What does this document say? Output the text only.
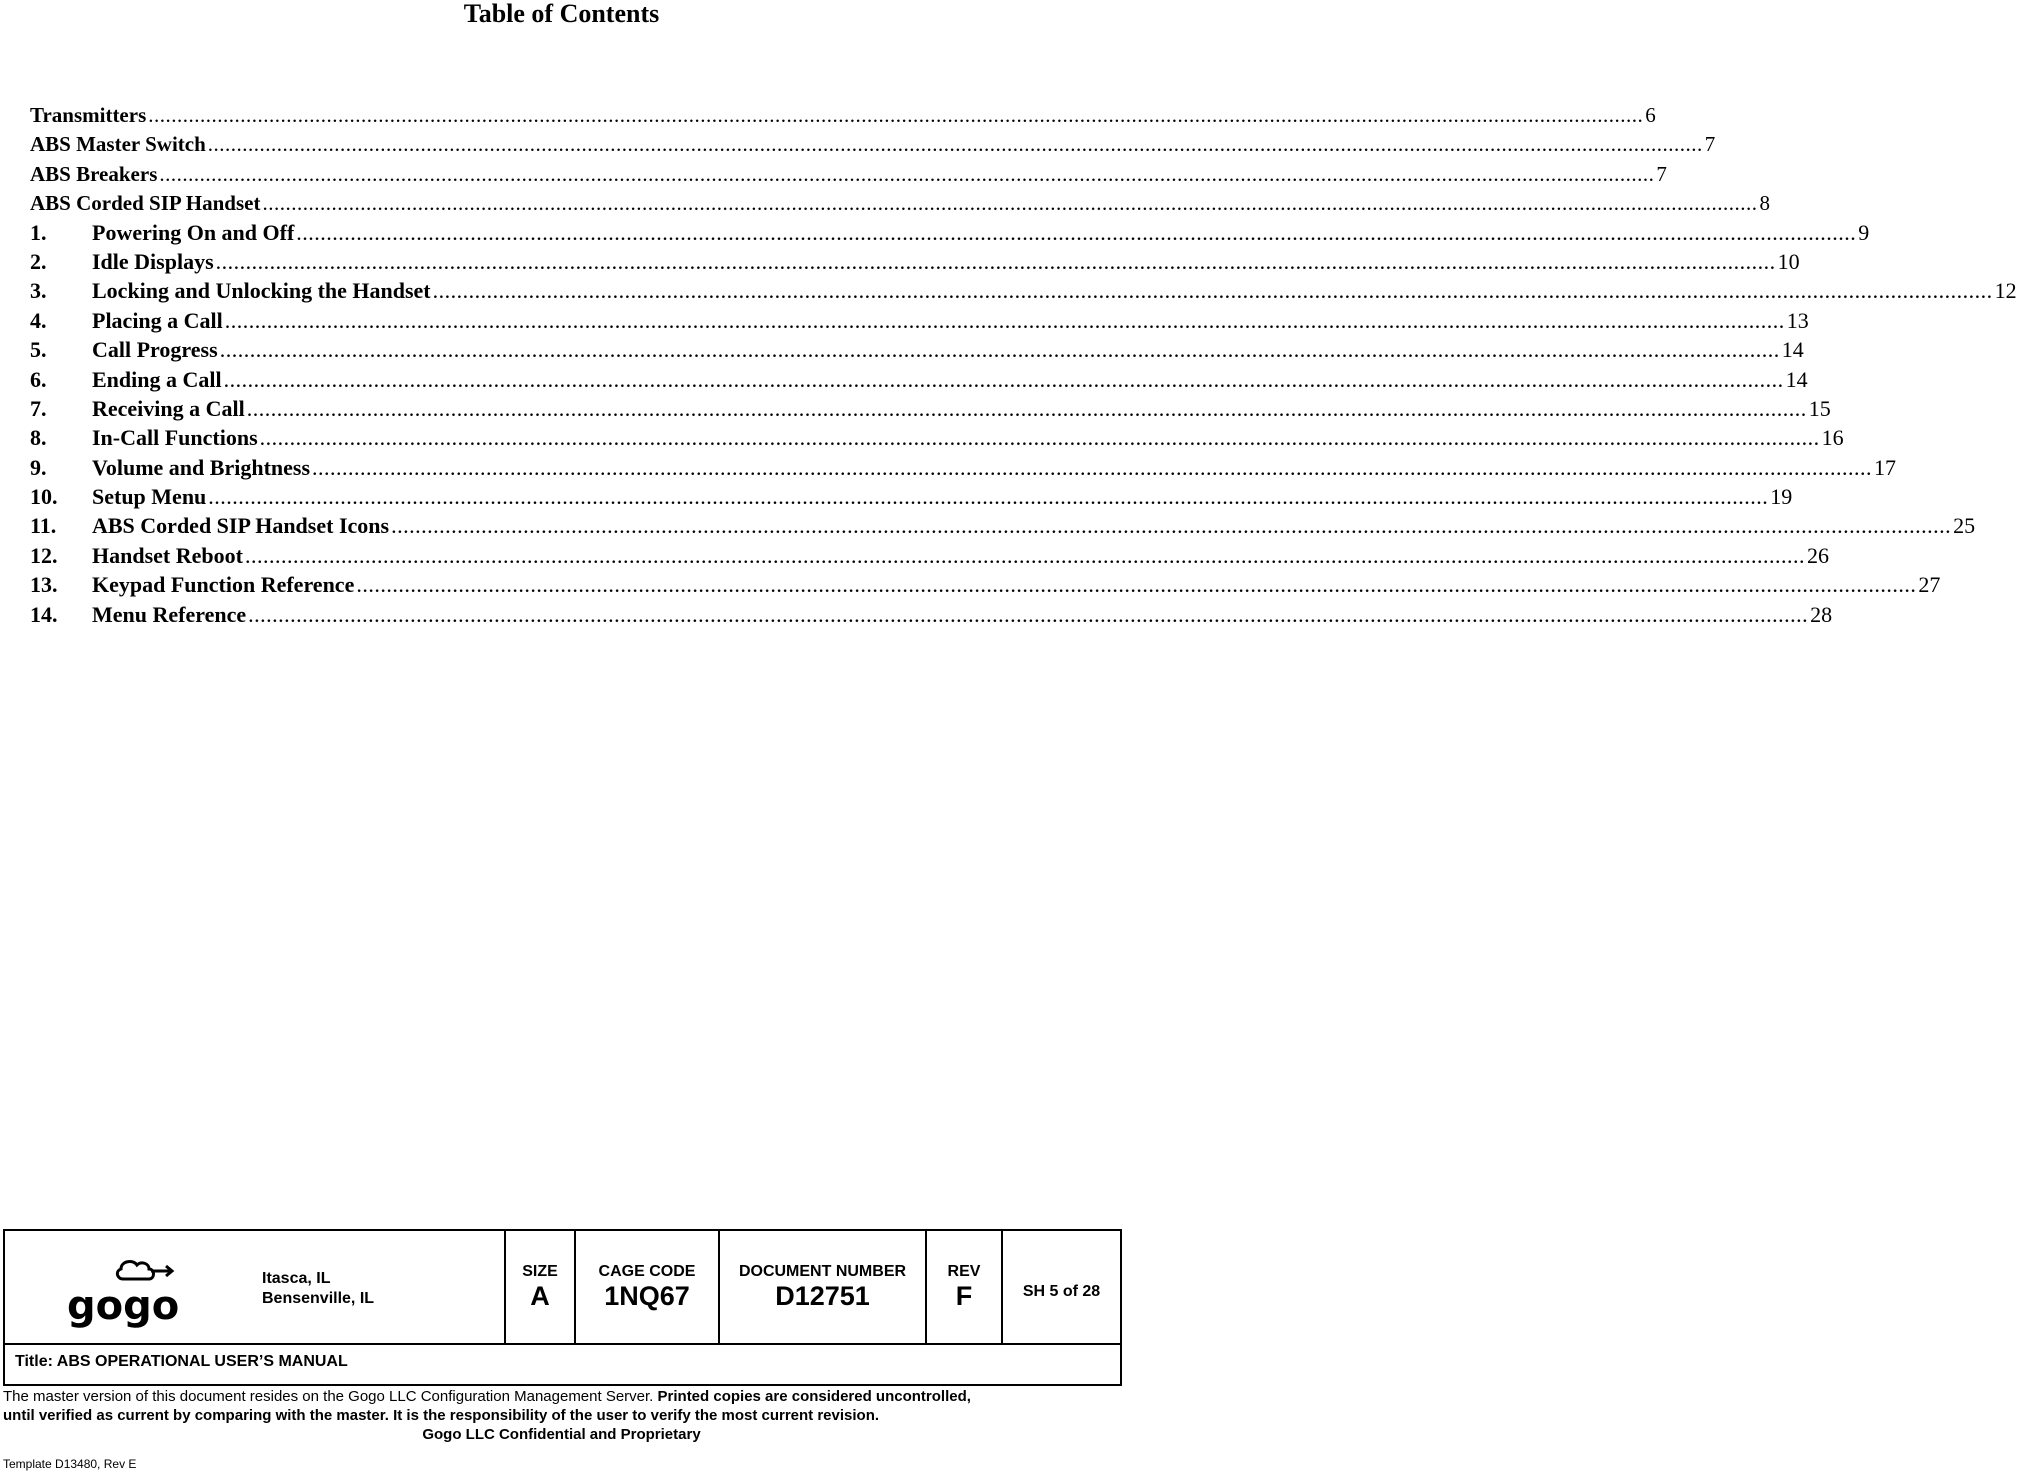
Table of Contents
Transmitters .................................................................................................................................................................................................................................................................... 6
ABS Master Switch .................................................................................................................................................................................................................................................................... 7
ABS Breakers .................................................................................................................................................................................................................................................................... 7
ABS Corded SIP Handset .................................................................................................................................................................................................................................................................... 8
1.	Powering On and Off .................................................................................................................................................................................................................................................................... 9
2.	Idle Displays .................................................................................................................................................................................................................................................................... 10
3.	Locking and Unlocking the Handset .................................................................................................................................................................................................................................................................... 12
4.	Placing a Call .................................................................................................................................................................................................................................................................... 13
5.	Call Progress .................................................................................................................................................................................................................................................................... 14
6.	Ending a Call .................................................................................................................................................................................................................................................................... 14
7.	Receiving a Call .................................................................................................................................................................................................................................................................... 15
8.	In-Call Functions .................................................................................................................................................................................................................................................................... 16
9.	Volume and Brightness .................................................................................................................................................................................................................................................................... 17
10.	Setup Menu .................................................................................................................................................................................................................................................................... 19
11.	ABS Corded SIP Handset Icons .................................................................................................................................................................................................................................................................... 25
12.	Handset Reboot .................................................................................................................................................................................................................................................................... 26
13.	Keypad Function Reference .................................................................................................................................................................................................................................................................... 27
14.	Menu Reference .................................................................................................................................................................................................................................................................... 28
gogo
Itasca, IL
Bensenville, IL
SIZE
A
CAGE CODE
1NQ67
DOCUMENT NUMBER
D12751
REV
F	SH 5 of 28
Title: ABS OPERATIONAL USER’S MANUAL
The master version of this document resides on the Gogo LLC Configuration Management Server. Printed copies are considered uncontrolled,
until verified as current by comparing with the master. It is the responsibility of the user to verify the most current revision.
Gogo LLC Confidential and Proprietary
Template D13480, Rev E
